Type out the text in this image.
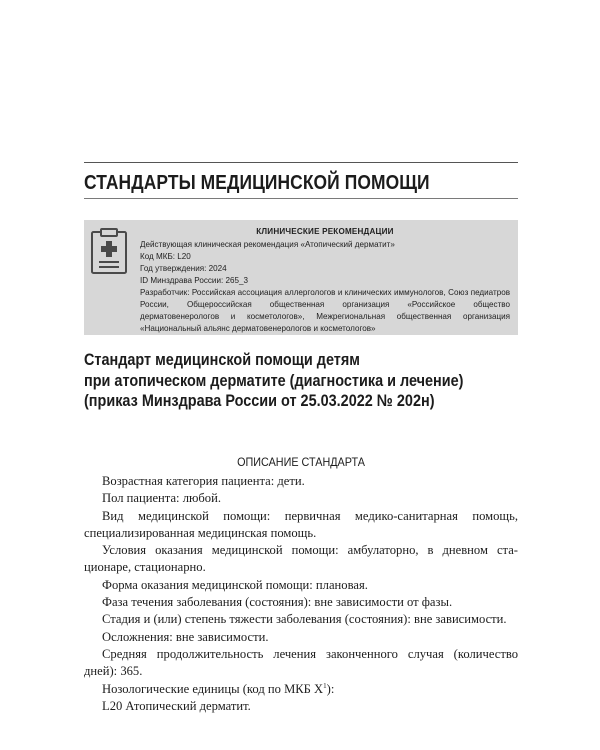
СТАНДАРТЫ МЕДИЦИНСКОЙ ПОМОЩИ
КЛИНИЧЕСКИЕ РЕКОМЕНДАЦИИ
Действующая клиническая рекомендация «Атопический дерматит»
Код МКБ: L20
Год утверждения: 2024
ID Минздрава России: 265_3
Разработчик: Российская ассоциация аллергологов и клинических иммунологов, Союз педиатров России, Общероссийская общественная организация «Российское общество дерматовенерологов и косметологов», Межрегиональная общественная организация «Национальный альянс дерматовенерологов и косметологов»
Стандарт медицинской помощи детям
при атопическом дерматите (диагностика и лечение)
(приказ Минздрава России от 25.03.2022 № 202н)
ОПИСАНИЕ СТАНДАРТА
Возрастная категория пациента: дети.
Пол пациента: любой.
Вид медицинской помощи: первичная медико-санитарная помощь, специализированная медицинская помощь.
Условия оказания медицинской помощи: амбулаторно, в дневном стационаре, стационарно.
Форма оказания медицинской помощи: плановая.
Фаза течения заболевания (состояния): вне зависимости от фазы.
Стадия и (или) степень тяжести заболевания (состояния): вне зависимости.
Осложнения: вне зависимости.
Средняя продолжительность лечения законченного случая (количество дней): 365.
Нозологические единицы (код по МКБ $X^1$):
L20 Атопический дерматит.
